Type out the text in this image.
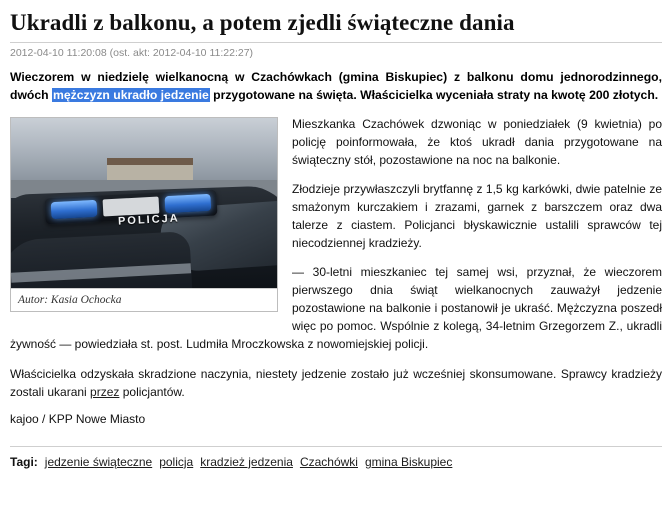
Ukradli z balkonu, a potem zjedli świąteczne dania
2012-04-10 11:20:08 (ost. akt: 2012-04-10 11:22:27)

Wieczorem w niedzielę wielkanocną w Czachówkach (gmina Biskupiec) z balkonu domu jednorodzinnego, dwóch mężczyzn ukradło jedzenie przygotowane na święta. Właścicielka wyceniała straty na kwotę 200 złotych.

POLICJA
Autor: Kasia Ochocka

Mieszkanka Czachówek dzwoniąc w poniedziałek (9 kwietnia) po policję poinformowała, że ktoś ukradł dania przygotowane na świąteczny stół, pozostawione na noc na balkonie.

Złodzieje przywłaszczyli brytfannę z 1,5 kg karkówki, dwie patelnie ze smażonym kurczakiem i zrazami, garnek z barszczem oraz dwa talerze z ciastem. Policjanci błyskawicznie ustalili sprawców tej niecodziennej kradzieży.

— 30-letni mieszkaniec tej samej wsi, przyznał, że wieczorem pierwszego dnia świąt wielkanocnych zauważył jedzenie pozostawione na balkonie i postanowił je ukraść. Mężczyzna poszedł więc po pomoc. Wspólnie z kolegą, 34-letnim Grzegorzem Z., ukradli żywność — powiedziała st. post. Ludmiła Mroczkowska z nowomiejskiej policji.

Właścicielka odzyskała skradzione naczynia, niestety jedzenie zostało już wcześniej skonsumowane. Sprawcy kradzieży zostali ukarani przez policjantów.

kajoo / KPP Nowe Miasto
Tagi: jedzenie świąteczne policja kradzież jedzenia Czachówki gmina Biskupiec
